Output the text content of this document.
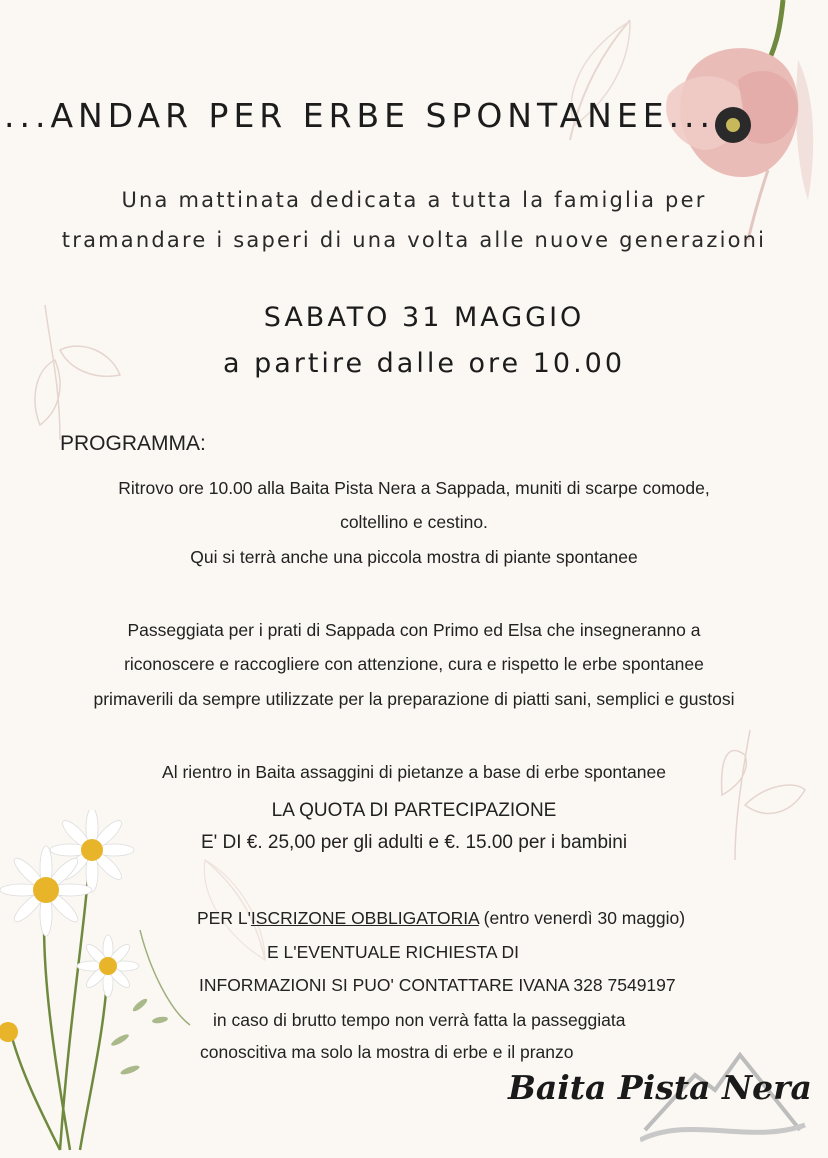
...ANDAR PER ERBE SPONTANEE...
Una mattinata dedicata a tutta la famiglia per
tramandare i saperi di una volta alle nuove generazioni
SABATO 31 MAGGIO
a partire dalle ore 10.00
PROGRAMMA:
Ritrovo ore 10.00 alla Baita Pista Nera a Sappada, muniti di scarpe comode,
coltellino e cestino.
Qui si terrà anche una piccola mostra di piante spontanee
Passeggiata per i prati di Sappada con Primo ed Elsa che insegneranno a
riconoscere e raccogliere con attenzione, cura e rispetto le erbe spontanee
primaverili da sempre utilizzate per la preparazione di piatti sani, semplici e gustosi
Al rientro in Baita assaggini di pietanze a base di erbe spontanee
LA QUOTA DI PARTECIPAZIONE
E' DI €. 25,00 per gli adulti e €. 15.00 per i bambini
PER L'ISCRIZONE OBBLIGATORIA (entro venerdì 30 maggio)
E L'EVENTUALE RICHIESTA DI
INFORMAZIONI SI PUO' CONTATTARE IVANA 328 7549197
in caso di brutto tempo non verrà fatta la passeggiata
conoscitiva ma solo la mostra di erbe e il pranzo
Baita Pista Nera
